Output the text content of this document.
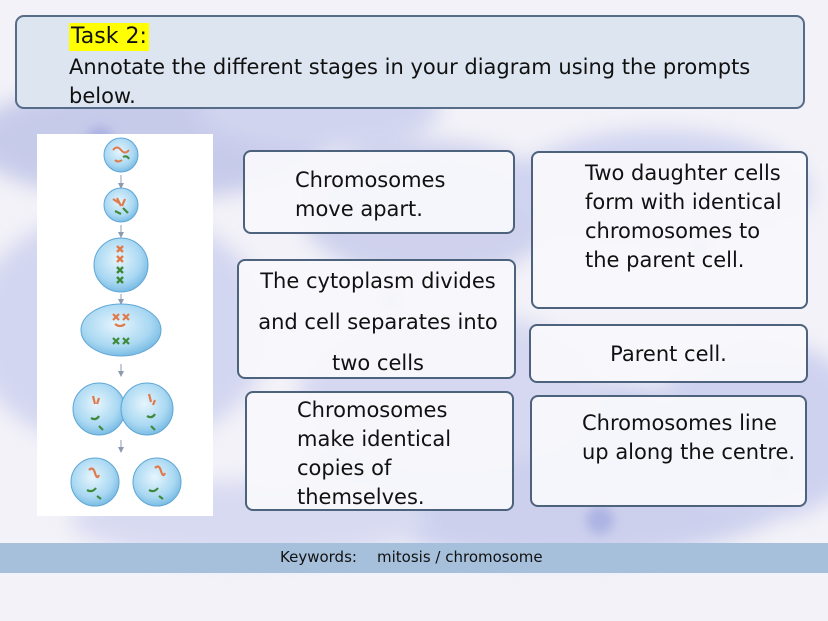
Task 2:
Annotate the different stages in your diagram using the prompts below.
Chromosomes move apart.
The cytoplasm divides and cell separates into two cells
Chromosomes make identical copies of themselves.
Two daughter cells form with identical chromosomes to the parent cell.
Parent cell.
Chromosomes line up along the centre.
Keywords: mitosis / chromosome
